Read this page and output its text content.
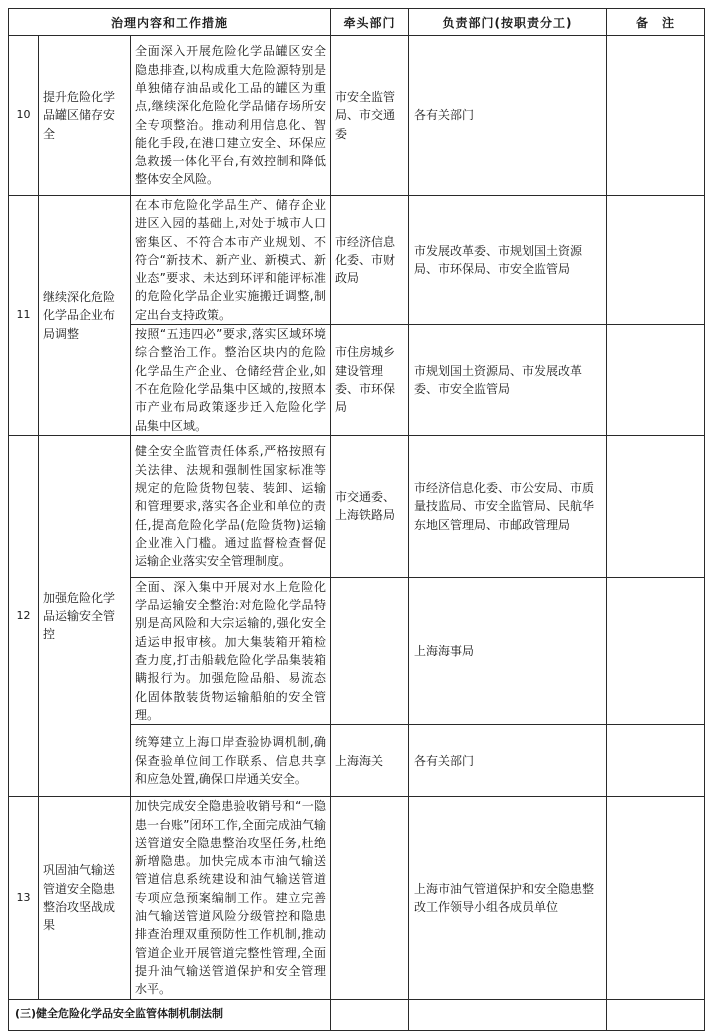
治理内容和工作措施			牵头部门	负责部门(按职责分工)	备　注
10	提升危险化学品罐区储存安全	全面深入开展危险化学品罐区安全隐患排查,以构成重大危险源特别是单独储存油品或化工品的罐区为重点,继续深化危险化学品储存场所安全专项整治。推动利用信息化、智能化手段,在港口建立安全、环保应急救援一体化平台,有效控制和降低整体安全风险。	市安全监管局、市交通委	各有关部门	
11	继续深化危险化学品企业布局调整	在本市危险化学品生产、储存企业进区入园的基础上,对处于城市人口密集区、不符合本市产业规划、不符合“新技术、新产业、新模式、新业态”要求、未达到环评和能评标准的危险化学品企业实施搬迁调整,制定出台支持政策。	市经济信息化委、市财政局	市发展改革委、市规划国土资源局、市环保局、市安全监管局	
		按照“五违四必”要求,落实区域环境综合整治工作。整治区块内的危险化学品生产企业、仓储经营企业,如不在危险化学品集中区域的,按照本市产业布局政策逐步迁入危险化学品集中区域。	市住房城乡建设管理委、市环保局	市规划国土资源局、市发展改革委、市安全监管局	
12	加强危险化学品运输安全管控	健全安全监管责任体系,严格按照有关法律、法规和强制性国家标准等规定的危险货物包装、装卸、运输和管理要求,落实各企业和单位的责任,提高危险化学品(危险货物)运输企业准入门槛。通过监督检查督促运输企业落实安全管理制度。	市交通委、上海铁路局	市经济信息化委、市公安局、市质量技监局、市安全监管局、民航华东地区管理局、市邮政管理局	
		全面、深入集中开展对水上危险化学品运输安全整治:对危险化学品特别是高风险和大宗运输的,强化安全适运申报审核。加大集装箱开箱检查力度,打击船载危险化学品集装箱瞒报行为。加强危险品船、易流态化固体散装货物运输船舶的安全管理。		上海海事局	
		统筹建立上海口岸查验协调机制,确保查验单位间工作联系、信息共享和应急处置,确保口岸通关安全。	上海海关	各有关部门	
13	巩固油气输送管道安全隐患整治攻坚战成果	加快完成安全隐患验收销号和“一隐患一台账”闭环工作,全面完成油气输送管道安全隐患整治攻坚任务,杜绝新增隐患。加快完成本市油气输送管道信息系统建设和油气输送管道专项应急预案编制工作。建立完善油气输送管道风险分级管控和隐患排查治理双重预防性工作机制,推动管道企业开展管道完整性管理,全面提升油气输送管道保护和安全管理水平。		上海市油气管道保护和安全隐患整改工作领导小组各成员单位	
(三)健全危险化学品安全监管体制机制法制					
